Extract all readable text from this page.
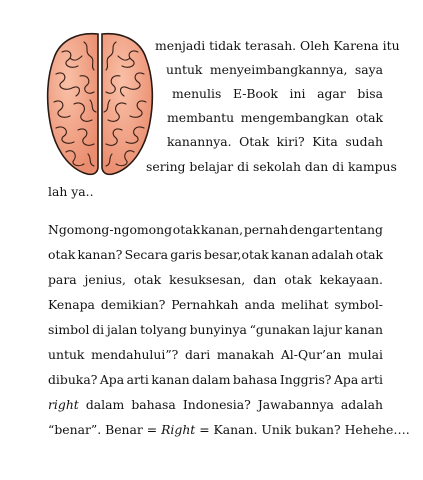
menjadi tidak terasah. Oleh Karena itu
untuk menyeimbangkannya, saya
menulis E-Book ini agar bisa
membantu mengembangkan otak
kanannya. Otak kiri? Kita sudah
sering belajar di sekolah dan di kampus
lah ya..
Ngomong-ngomong otak kanan, pernah dengar tentang
otak kanan? Secara garis besar,otak kanan adalah otak
para jenius, otak kesuksesan, dan otak kekayaan.
Kenapa demikian? Pernahkah anda melihat symbol-
simbol di jalan tolyang bunyinya “gunakan lajur kanan
untuk mendahului”? dari manakah Al-Qur’an mulai
dibuka? Apa arti kanan dalam bahasa Inggris? Apa arti
right dalam bahasa Indonesia? Jawabannya adalah
“benar”. Benar = Right = Kanan. Unik bukan? Hehehe….
